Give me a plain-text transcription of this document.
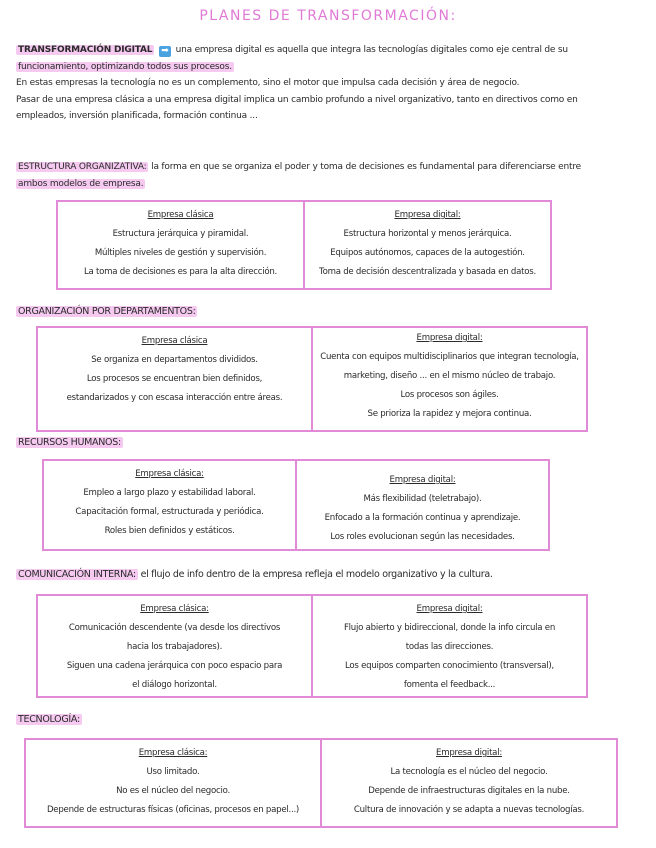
PLANES DE TRANSFORMACIÓN:
TRANSFORMACIÓN DIGITAL ➡ una empresa digital es aquella que integra las tecnologías digitales como eje central de su
funcionamiento, optimizando todos sus procesos.
En estas empresas la tecnología no es un complemento, sino el motor que impulsa cada decisión y área de negocio.
Pasar de una empresa clásica a una empresa digital implica un cambio profundo a nivel organizativo, tanto en directivos como en
empleados, inversión planificada, formación continua ...
ESTRUCTURA ORGANIZATIVA: la forma en que se organiza el poder y toma de decisiones es fundamental para diferenciarse entre
ambos modelos de empresa.
Empresa clásica
Estructura jerárquica y piramidal.
Múltiples niveles de gestión y supervisión.
La toma de decisiones es para la alta dirección.
Empresa digital:
Estructura horizontal y menos jerárquica.
Equipos autónomos, capaces de la autogestión.
Toma de decisión descentralizada y basada en datos.
ORGANIZACIÓN POR DEPARTAMENTOS:
Empresa clásica
Se organiza en departamentos divididos.
Los procesos se encuentran bien definidos,
estandarizados y con escasa interacción entre áreas.
Empresa digital:
Cuenta con equipos multidisciplinarios que integran tecnología,
marketing, diseño ... en el mismo núcleo de trabajo.
Los procesos son ágiles.
Se prioriza la rapidez y mejora continua.
RECURSOS HUMANOS:
Empresa clásica:
Empleo a largo plazo y estabilidad laboral.
Capacitación formal, estructurada y periódica.
Roles bien definidos y estáticos.
Empresa digital:
Más flexibilidad (teletrabajo).
Enfocado a la formación continua y aprendizaje.
Los roles evolucionan según las necesidades.
COMUNICACIÓN INTERNA: el flujo de info dentro de la empresa refleja el modelo organizativo y la cultura.
Empresa clásica:
Comunicación descendente (va desde los directivos
hacia los trabajadores).
Siguen una cadena jerárquica con poco espacio para
el diálogo horizontal.
Empresa digital:
Flujo abierto y bidireccional, donde la info circula en
todas las direcciones.
Los equipos comparten conocimiento (transversal),
fomenta el feedback...
TECNOLOGÍA:
Empresa clásica:
Uso limitado.
No es el núcleo del negocio.
Depende de estructuras físicas (oficinas, procesos en papel...)
Empresa digital:
La tecnología es el núcleo del negocio.
Depende de infraestructuras digitales en la nube.
Cultura de innovación y se adapta a nuevas tecnologías.
